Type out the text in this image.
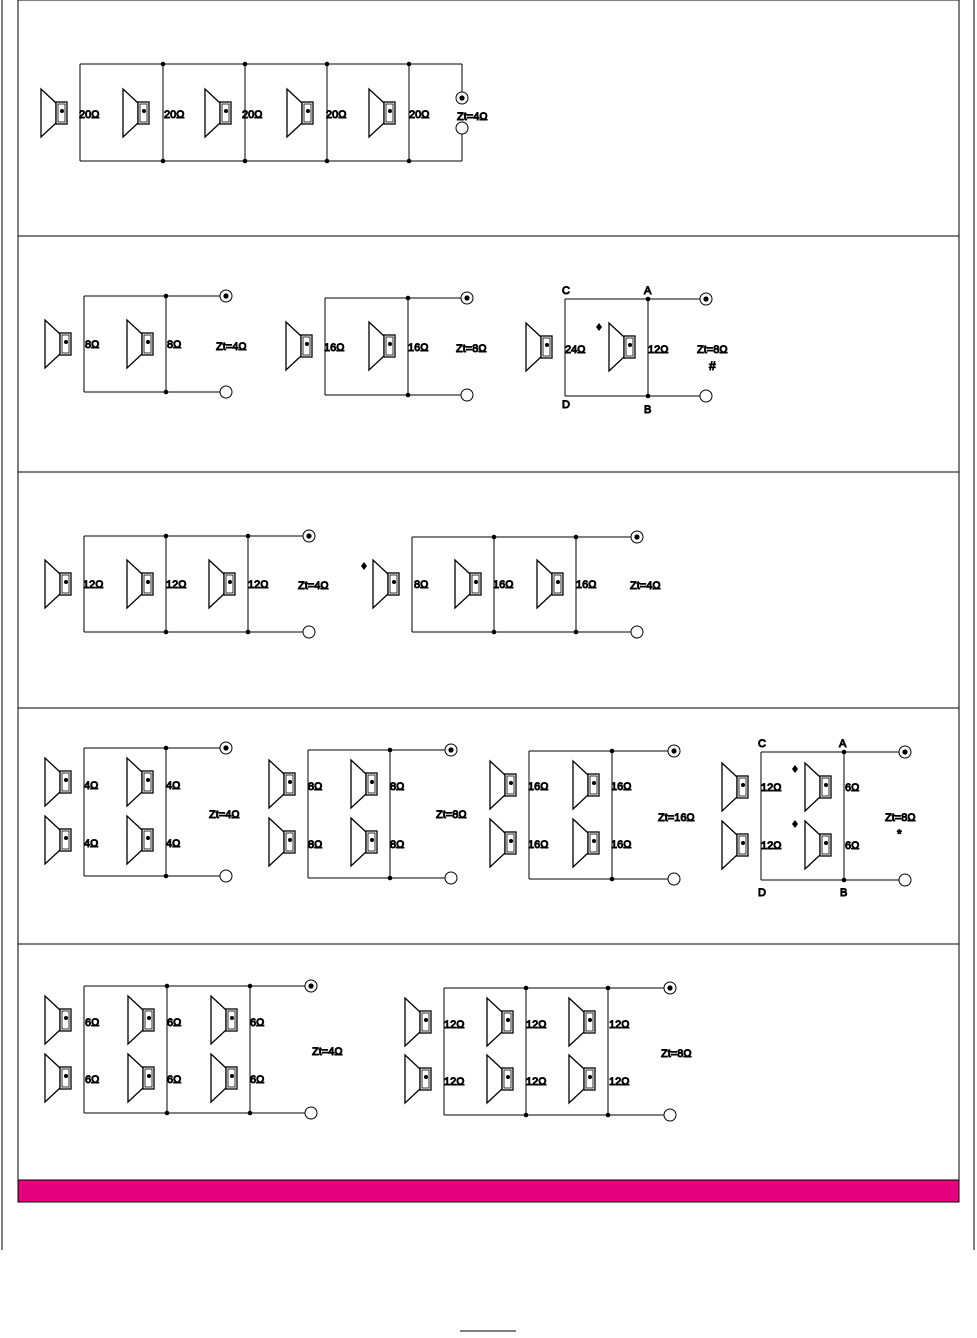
20Ω	20Ω	20Ω	20Ω	20Ω	Zt=4Ω
8Ω	8Ω	Zt=4Ω	16Ω	16Ω	Zt=8Ω	24Ω	12Ω	Zt=8Ω
#
C	A
D	B
12Ω	12Ω	12Ω	Zt=4Ω	8Ω	16Ω	16Ω	Zt=4Ω
4Ω	4Ω
4Ω	4Ω
Zt=4Ω
8Ω	8Ω
8Ω	8Ω
Zt=8Ω
16Ω	16Ω
16Ω	16Ω
Zt=16Ω
12Ω	6Ω
12Ω	6Ω
Zt=8Ω
*
C	A
D	B
6Ω	6Ω	6Ω
6Ω	6Ω	6Ω
Zt=4Ω
12Ω	12Ω	12Ω
12Ω	12Ω	12Ω
Zt=8Ω
